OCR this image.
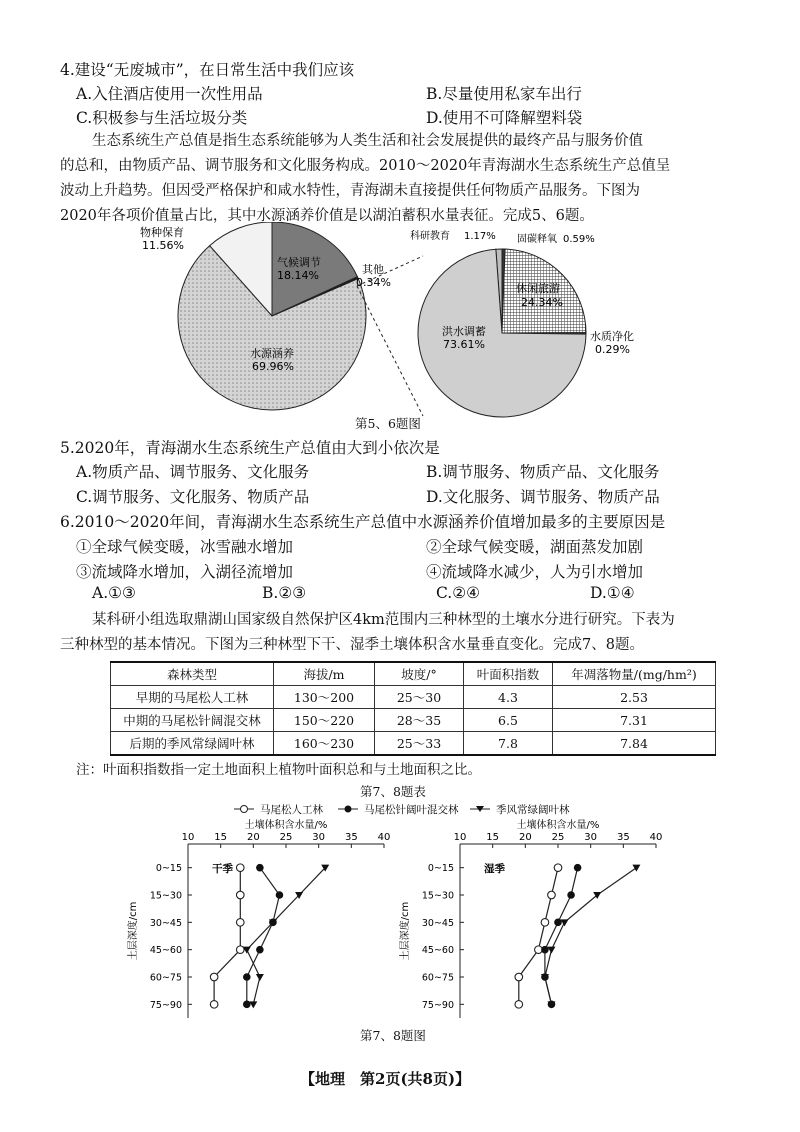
4.建设“无废城市”，在日常生活中我们应该
A.入住酒店使用一次性用品	B.尽量使用私家车出行
C.积极参与生活垃圾分类	D.使用不可降解塑料袋
生态系统生产总值是指生态系统能够为人类生活和社会发展提供的最终产品与服务价值
的总和，由物质产品、调节服务和文化服务构成。2010～2020年青海湖水生态系统生产总值呈
波动上升趋势。但因受严格保护和咸水特性，青海湖未直接提供任何物质产品服务。下图为
2020年各项价值量占比，其中水源涵养价值是以湖泊蓄积水量表征。完成5、6题。
物种保育
11.56%
气候调节
18.14%	其他
0.34%
水源涵养
69.96%
科研教育 1.17% 固碳释氧 0.59%
休闲旅游
24.34%
水质净化
0.29%
洪水调蓄
73.61%
第5、6题图
5.2020年，青海湖水生态系统生产总值由大到小依次是
A.物质产品、调节服务、文化服务	B.调节服务、物质产品、文化服务
C.调节服务、文化服务、物质产品	D.文化服务、调节服务、物质产品
6.2010～2020年间，青海湖水生态系统生产总值中水源涵养价值增加最多的主要原因是
①全球气候变暖，冰雪融水增加	②全球气候变暖，湖面蒸发加剧
③流域降水增加，入湖径流增加	④流域降水减少，人为引水增加
A.①③	B.②③	C.②④	D.①④
某科研小组选取鼎湖山国家级自然保护区4km范围内三种林型的土壤水分进行研究。下表为
三种林型的基本情况。下图为三种林型下干、湿季土壤体积含水量垂直变化。完成7、8题。
森林类型	海拔/m	坡度/°	叶面积指数	年凋落物量/(mg/hm²)
早期的马尾松人工林	130～200	25～30	4.3	2.53
中期的马尾松针阔混交林	150～220	28～35	6.5	7.31
后期的季风常绿阔叶林	160～230	25～33	7.8	7.84
注：叶面积指数指一定土地面积上植物叶面积总和与土地面积之比。
第7、8题表
马尾松人工林	马尾松针阔叶混交林	季风常绿阔叶林
土壤体积含水量/%
10 15 20 25 30 35 40
0~15
15~30
30~45
45~60
60~75
75~90
土层深度/cm
干季
土壤体积含水量/%
10 15 20 25 30 35 40
0~15
15~30
30~45
45~60
60~75
75~90
土层深度/cm
湿季
第7、8题图
【地理　第2页(共8页)】
